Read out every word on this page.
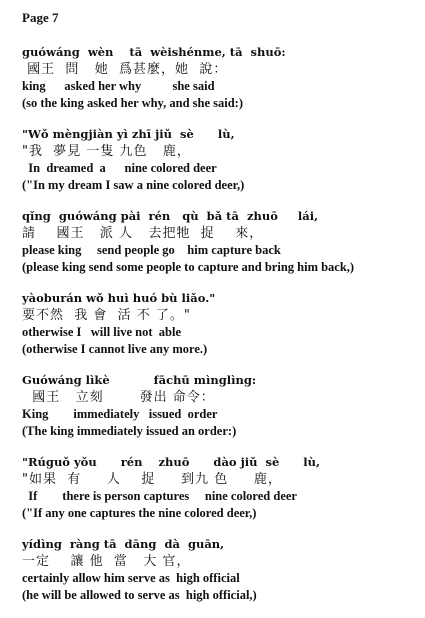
Page 7
guówáng  wèn    tā  wèishénme, tā  shuō:
國王  問   她  爲甚麼，她  說：
king      asked her why          she said
(so the king asked her why, and she said:)
"Wǒ mèngjiàn yì zhī jiǔ  sè      lù,
"我  夢見 一隻 九色   鹿，
In  dreamed  a      nine colored deer
("In my dream I saw a nine colored deer,)
qǐng  guówáng pài  rén   qù  bǎ tā  zhuō     lái,
請    國王   派 人   去把牠  捉    來，
please king     send people go    him capture back
(please king send some people to capture and bring him back,)
yàoburán wǒ huì huó bù liǎo."
要不然  我 會  活 不 了。"
otherwise I   will live not  able
(otherwise I cannot live any more.)
Guówáng lìkè           fāchū mìnglìng:
國王   立刻       發出 命令：
King        immediately   issued  order
(The king immediately issued an order:)
"Rúguǒ yǒu      rén    zhuō      dào jiǔ  sè      lù,
"如果  有     人    捉     到九 色     鹿，
If        there is person captures     nine colored deer
("If any one captures the nine colored deer,)
yídìng  ràng tā  dāng  dà  guān,
一定    讓 他  當   大 官，
certainly allow him serve as  high official
(he will be allowed to serve as  high official,)
